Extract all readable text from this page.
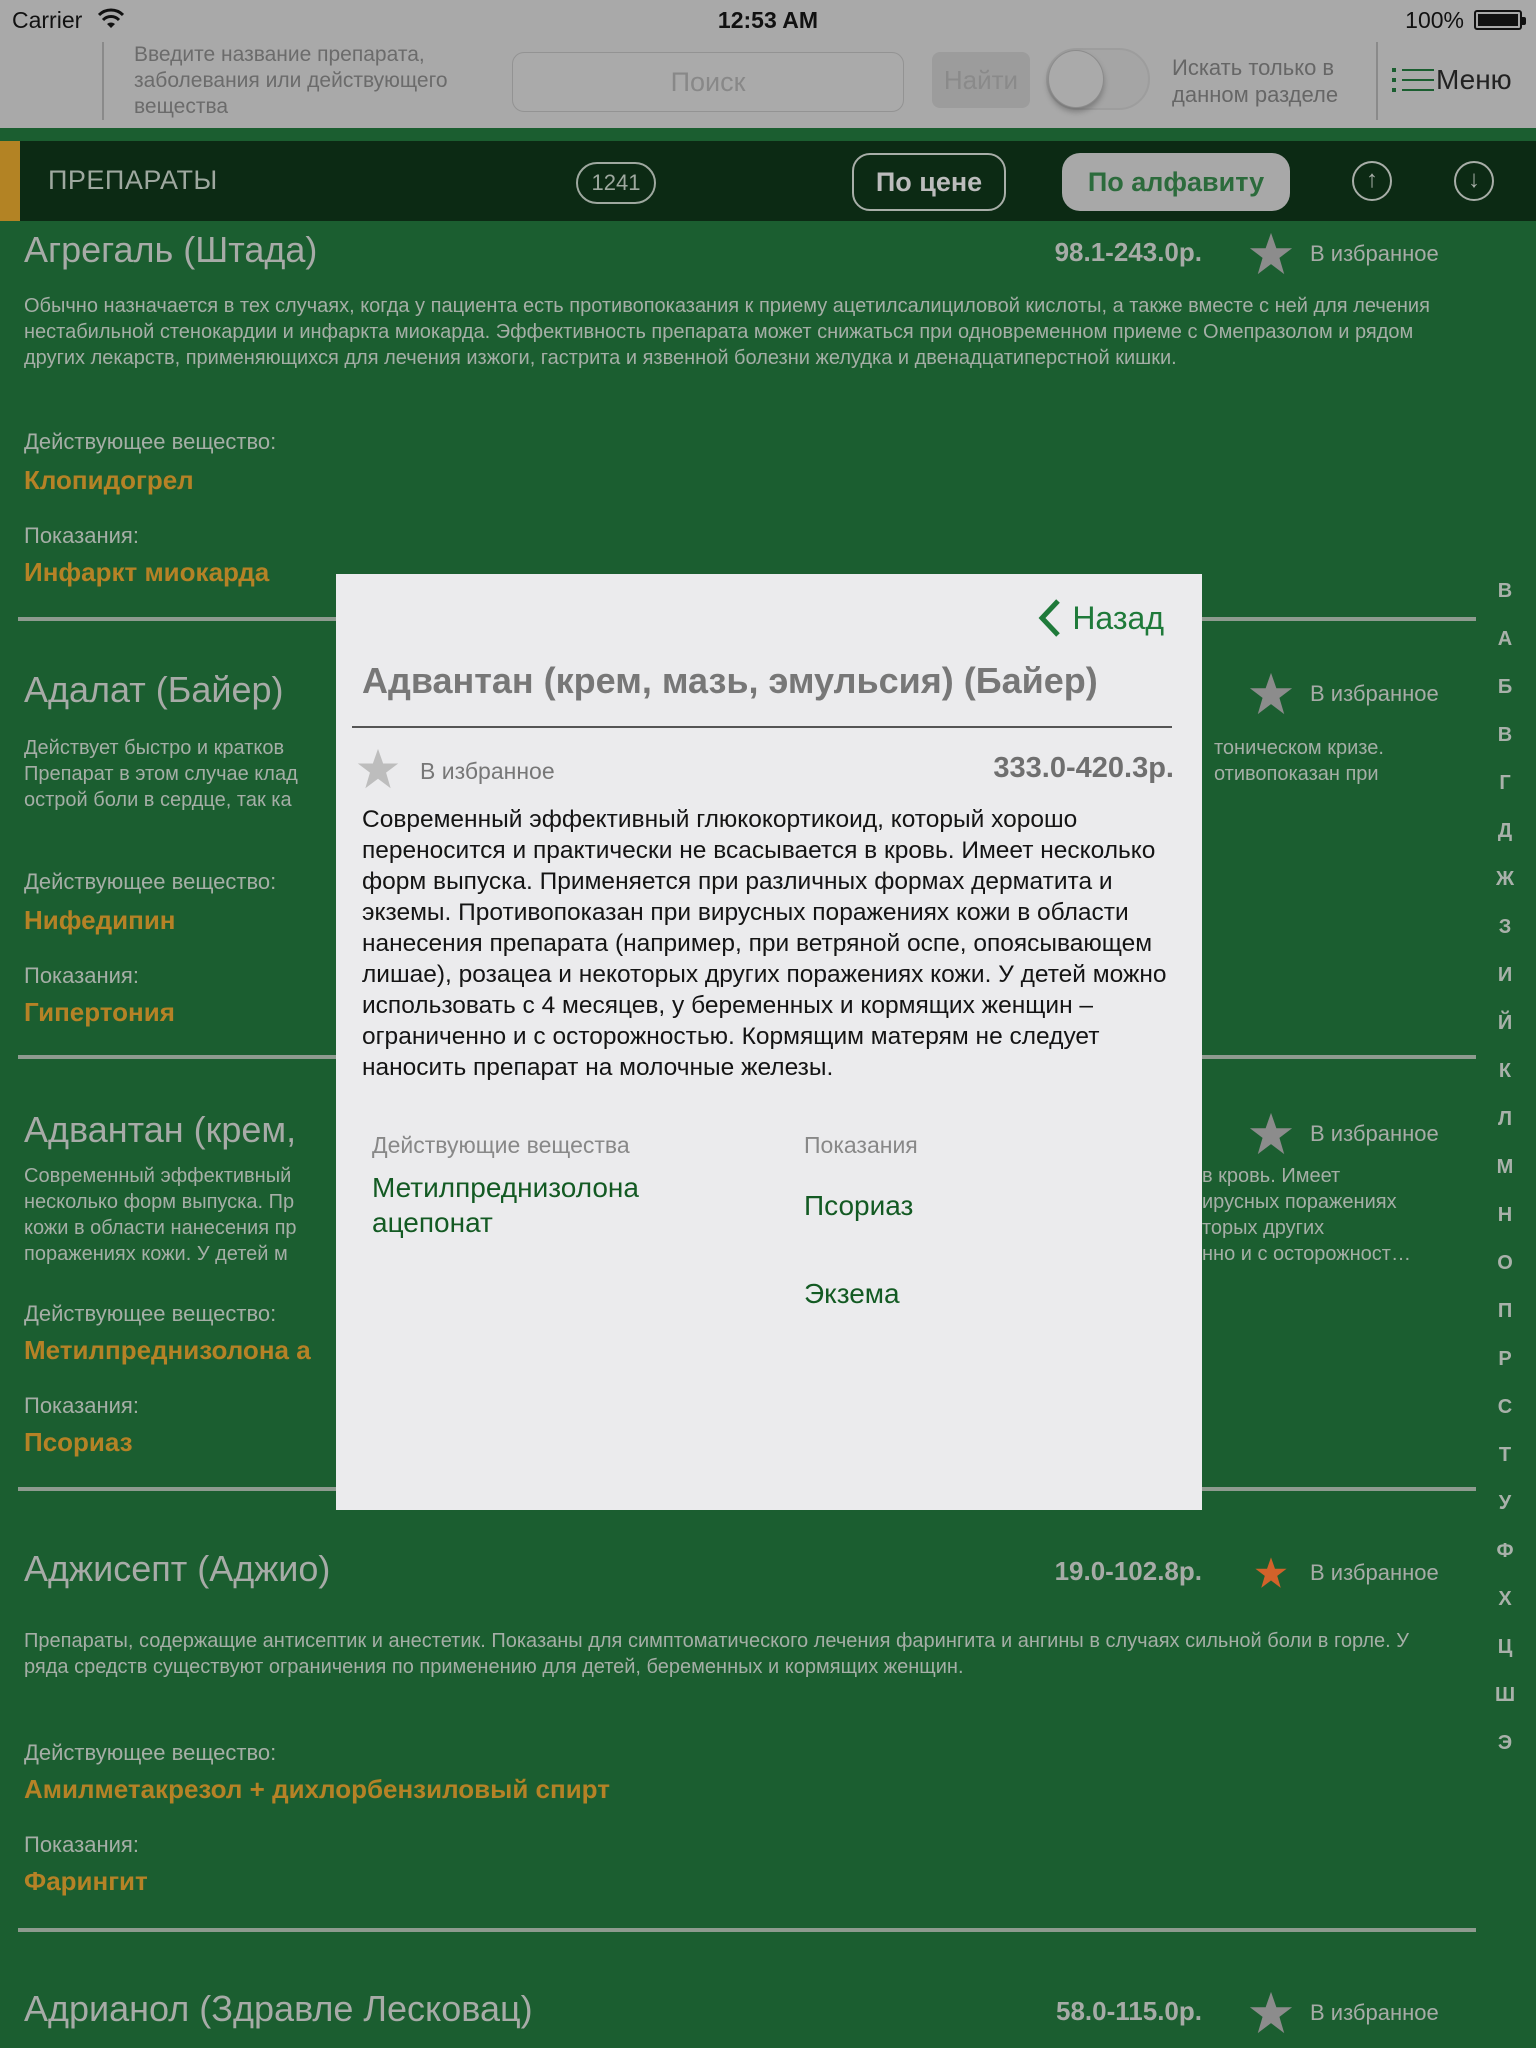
Carrier	12:53 AM	100%
Введите название препарата, заболевания или действующего вещества
Поиск
Найти	Искать только в данном разделе	Меню
ПРЕПАРАТЫ	1241	По цене	По алфавиту	↑	↓
Агрегаль (Штада)	98.1-243.0р.	В избранное
Обычно назначается в тех случаях, когда у пациента есть противопоказания к приему ацетилсалициловой кислоты, а также вместе с ней для лечения нестабильной стенокардии и инфаркта миокарда. Эффективность препарата может снижаться при одновременном приеме с Омепразолом и рядом других лекарств, применяющихся для лечения изжоги, гастрита и язвенной болезни желудка и двенадцатиперстной кишки.
Действующее вещество:
Клопидогрел
Показания:
Инфаркт миокарда
Адалат (Байер)	В избранное
Действует быстро и кратков
Препарат в этом случае клад
острой боли в сердце, так ка
тоническом кризе.
отивопоказан при
Действующее вещество:
Нифедипин
Показания:
Гипертония
Адвантан (крем,	В избранное
Современный эффективный
несколько форм выпуска. Пр
кожи в области нанесения пр
поражениях кожи. У детей м
в кровь. Имеет
ирусных поражениях
торых других
нно и с осторожност…
Действующее вещество:
Метилпреднизолона а
Показания:
Псориаз
Аджисепт (Аджио)	19.0-102.8р.	В избранное
Препараты, содержащие антисептик и анестетик. Показаны для симптоматического лечения фарингита и ангины в случаях сильной боли в горле. У ряда средств существуют ограничения по применению для детей, беременных и кормящих женщин.
Действующее вещество:
Амилметакрезол + дихлорбензиловый спирт
Показания:
Фарингит
Адрианол (Здравле Лесковац)	58.0-115.0р.	В избранное
B
А
Б
В
Г
Д
Ж
З
И
Й
К
Л
М
Н
О
П
Р
С
Т
У
Ф
Х
Ц
Ш
Э
Назад
Адвантан (крем, мазь, эмульсия) (Байер)
В избранное	333.0-420.3р.
Современный эффективный глюкокортикоид, который хорошо переносится и практически не всасывается в кровь. Имеет несколько форм выпуска. Применяется при различных формах дерматита и экземы. Противопоказан при вирусных поражениях кожи в области нанесения препарата (например, при ветряной оспе, опоясывающем лишае), розацеа и некоторых других поражениях кожи. У детей можно использовать с 4 месяцев, у беременных и кормящих женщин – ограниченно и с осторожностью. Кормящим матерям не следует наносить препарат на молочные железы.
Действующие вещества
Метилпреднизолона ацепонат
Показания
Псориаз
Экзема
